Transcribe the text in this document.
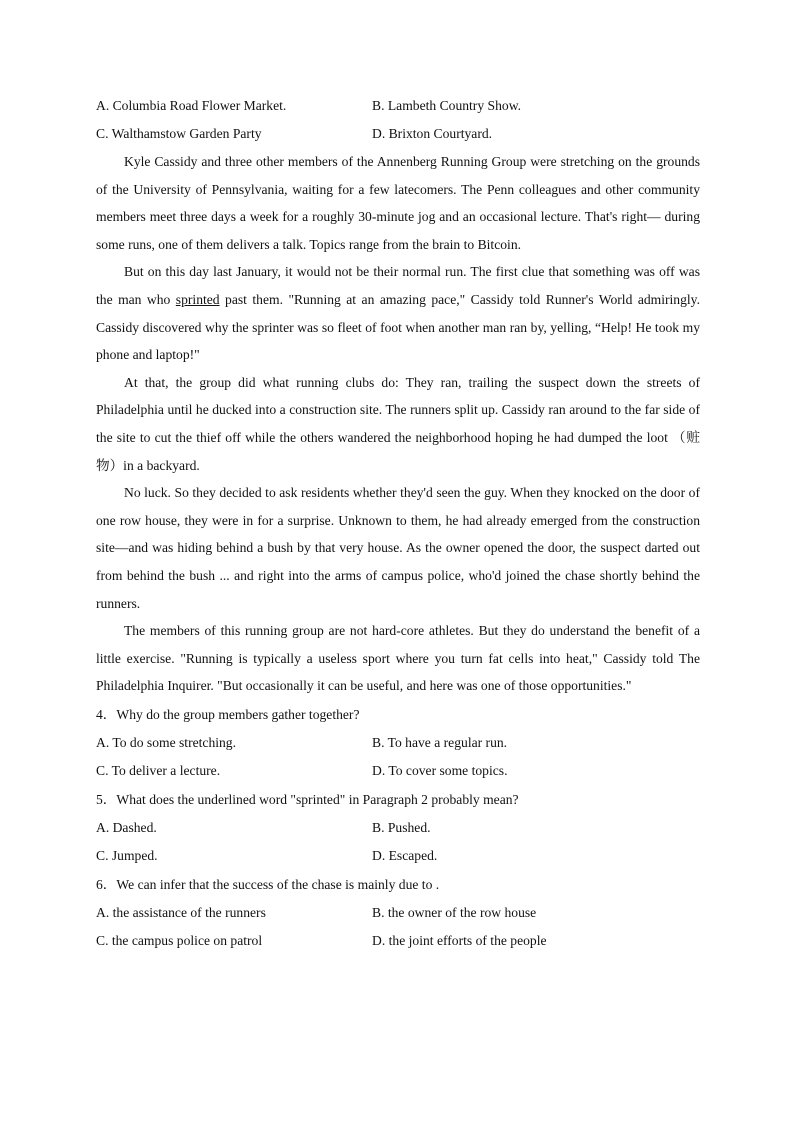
A. Columbia Road Flower Market.	B. Lambeth Country Show.
C. Walthamstow Garden Party	D. Brixton Courtyard.

Kyle Cassidy and three other members of the Annenberg Running Group were stretching on the grounds of the University of Pennsylvania, waiting for a few latecomers. The Penn colleagues and other community members meet three days a week for a roughly 30-minute jog and an occasional lecture. That's right— during some runs, one of them delivers a talk. Topics range from the brain to Bitcoin.

But on this day last January, it would not be their normal run. The first clue that something was off was the man who sprinted past them. "Running at an amazing pace," Cassidy told Runner's World admiringly. Cassidy discovered why the sprinter was so fleet of foot when another man ran by, yelling, “Help! He took my phone and laptop!"

At that, the group did what running clubs do: They ran, trailing the suspect down the streets of Philadelphia until he ducked into a construction site. The runners split up. Cassidy ran around to the far side of the site to cut the thief off while the others wandered the neighborhood hoping he had dumped the loot （赃物）in a backyard.

No luck. So they decided to ask residents whether they'd seen the guy. When they knocked on the door of one row house, they were in for a surprise. Unknown to them, he had already emerged from the construction site—and was hiding behind a bush by that very house. As the owner opened the door, the suspect darted out from behind the bush ... and right into the arms of campus police, who'd joined the chase shortly behind the runners.

The members of this running group are not hard-core athletes. But they do understand the benefit of a little exercise. "Running is typically a useless sport where you turn fat cells into heat," Cassidy told The Philadelphia Inquirer. "But occasionally it can be useful, and here was one of those opportunities."

4．Why do the group members gather together?
A. To do some stretching.	B. To have a regular run.
C. To deliver a lecture.	D. To cover some topics.
5．What does the underlined word "sprinted" in Paragraph 2 probably mean?
A. Dashed.	B. Pushed.
C. Jumped.	D. Escaped.
6．We can infer that the success of the chase is mainly due to .
A. the assistance of the runners	B. the owner of the row house
C. the campus police on patrol	D. the joint efforts of the people
